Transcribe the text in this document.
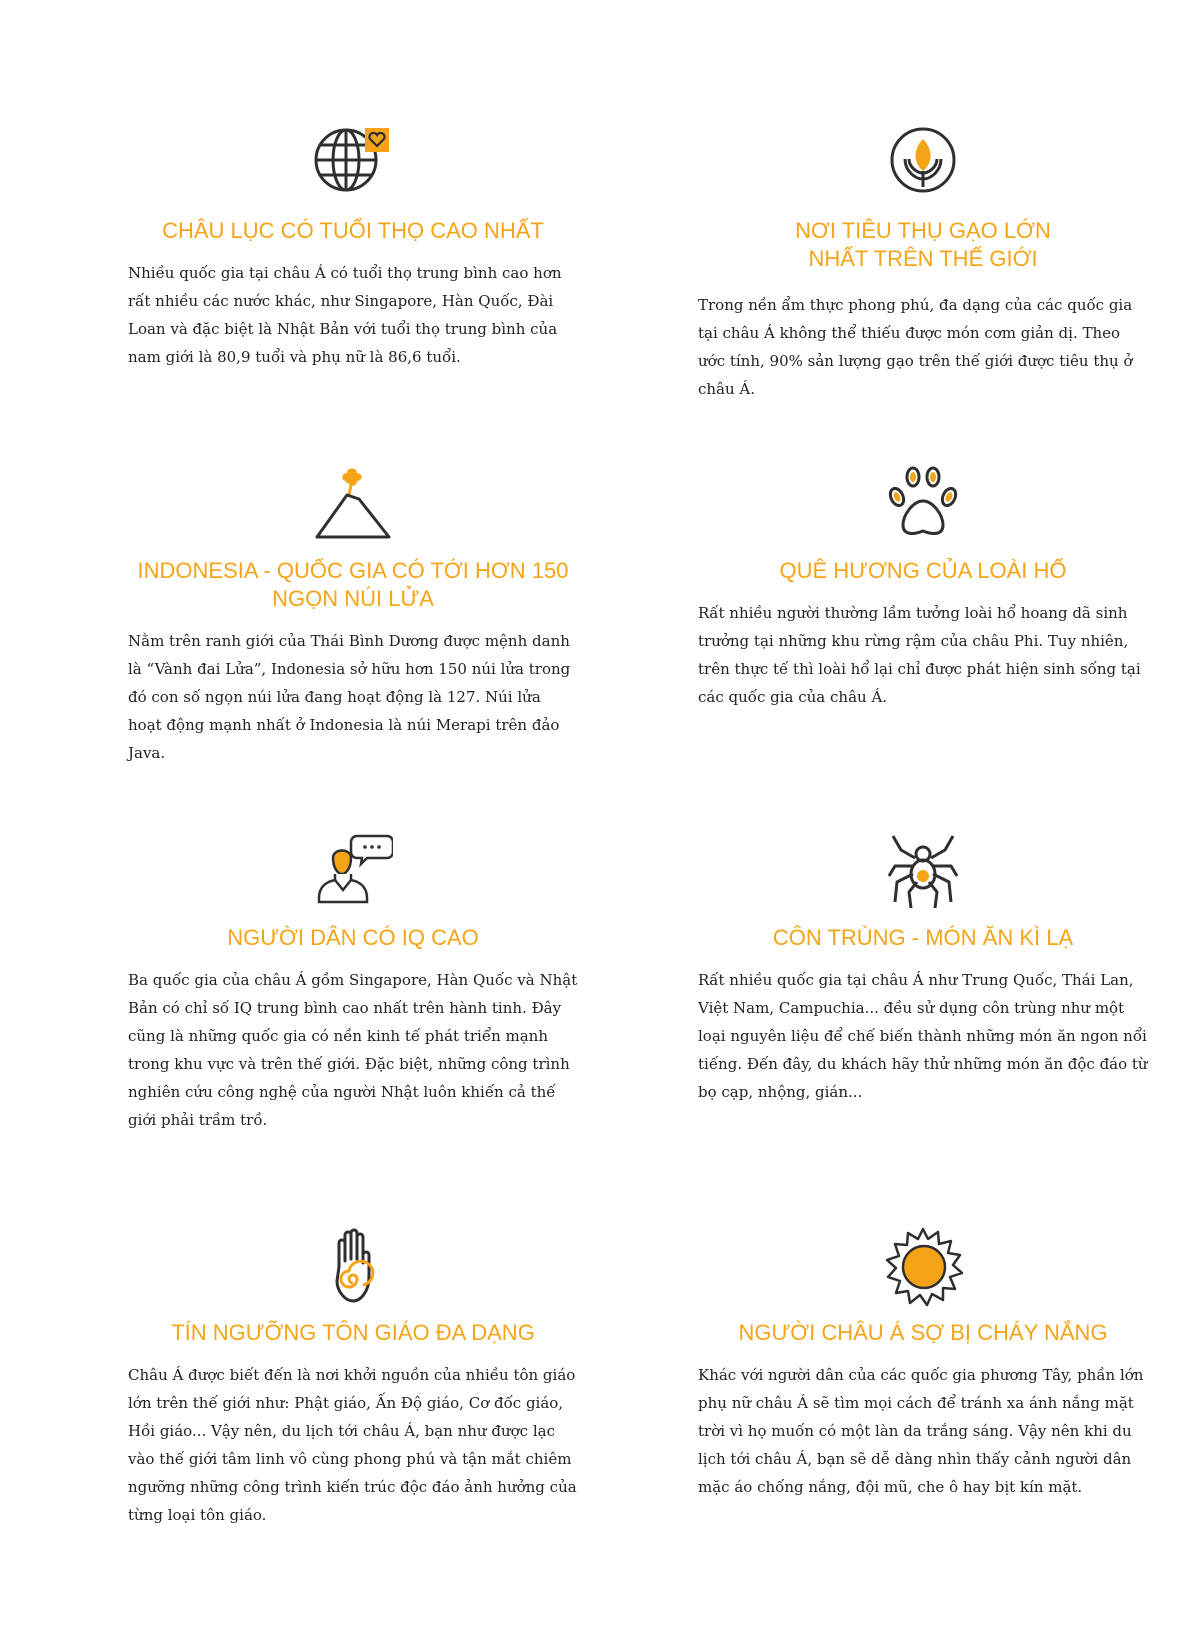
CHÂU LỤC CÓ TUỔI THỌ CAO NHẤT

Nhiều quốc gia tại châu Á có tuổi thọ trung bình cao hơn rất nhiều các nước khác, như Singapore, Hàn Quốc, Đài Loan và đặc biệt là Nhật Bản với tuổi thọ trung bình của nam giới là 80,9 tuổi và phụ nữ là 86,6 tuổi.

NƠI TIÊU THỤ GẠO LỚN
NHẤT TRÊN THẾ GIỚI

Trong nền ẩm thực phong phú, đa dạng của các quốc gia tại châu Á không thể thiếu được món cơm giản dị. Theo ước tính, 90% sản lượng gạo trên thế giới được tiêu thụ ở châu Á.

INDONESIA - QUỐC GIA CÓ TỚI HƠN 150
NGỌN NÚI LỬA

Nằm trên ranh giới của Thái Bình Dương được mệnh danh là “Vành đai Lửa”, Indonesia sở hữu hơn 150 núi lửa trong đó con số ngọn núi lửa đang hoạt động là 127. Núi lửa hoạt động mạnh nhất ở Indonesia là núi Merapi trên đảo Java.

QUÊ HƯƠNG CỦA LOÀI HỔ

Rất nhiều người thường lầm tưởng loài hổ hoang dã sinh trưởng tại những khu rừng rậm của châu Phi. Tuy nhiên, trên thực tế thì loài hổ lại chỉ được phát hiện sinh sống tại các quốc gia của châu Á.

NGƯỜI DÂN CÓ IQ CAO

Ba quốc gia của châu Á gồm Singapore, Hàn Quốc và Nhật Bản có chỉ số IQ trung bình cao nhất trên hành tinh. Đây cũng là những quốc gia có nền kinh tế phát triển mạnh trong khu vực và trên thế giới. Đặc biệt, những công trình nghiên cứu công nghệ của người Nhật luôn khiến cả thế giới phải trầm trồ.

CÔN TRÙNG - MÓN ĂN KÌ LẠ

Rất nhiều quốc gia tại châu Á như Trung Quốc, Thái Lan, Việt Nam, Campuchia... đều sử dụng côn trùng như một loại nguyên liệu để chế biến thành những món ăn ngon nổi tiếng. Đến đây, du khách hãy thử những món ăn độc đáo từ bọ cạp, nhộng, gián...

TÍN NGƯỠNG TÔN GIÁO ĐA DẠNG

Châu Á được biết đến là nơi khởi nguồn của nhiều tôn giáo lớn trên thế giới như: Phật giáo, Ấn Độ giáo, Cơ đốc giáo, Hồi giáo... Vậy nên, du lịch tới châu Á, bạn như được lạc vào thế giới tâm linh vô cùng phong phú và tận mắt chiêm ngưỡng những công trình kiến trúc độc đáo ảnh hưởng của từng loại tôn giáo.

NGƯỜI CHÂU Á SỢ BỊ CHÁY NẮNG

Khác với người dân của các quốc gia phương Tây, phần lớn phụ nữ châu Á sẽ tìm mọi cách để tránh xa ánh nắng mặt trời vì họ muốn có một làn da trắng sáng. Vậy nên khi du lịch tới châu Á, bạn sẽ dễ dàng nhìn thấy cảnh người dân mặc áo chống nắng, đội mũ, che ô hay bịt kín mặt.
